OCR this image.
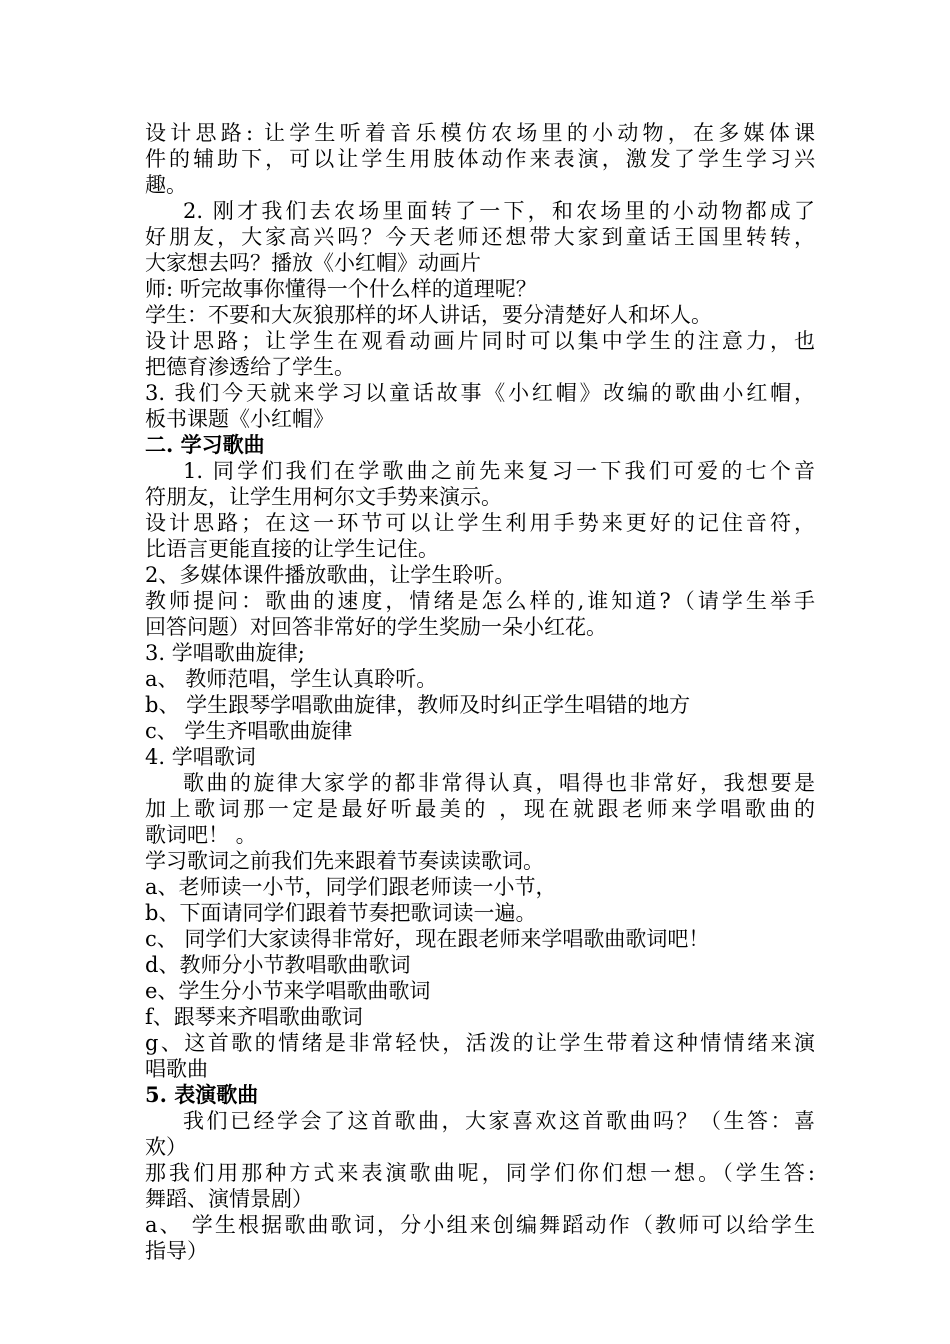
设计思路: 让学生听着音乐模仿农场里的小动物，在多媒体课
件的辅助下，可以让学生用肢体动作来表演，激发了学生学习兴
趣。
2. 刚才我们去农场里面转了一下，和农场里的小动物都成了
好朋友，大家高兴吗？今天老师还想带大家到童话王国里转转，
大家想去吗？播放《小红帽》动画片
师: 听完故事你懂得一个什么样的道理呢？
学生：不要和大灰狼那样的坏人讲话，要分清楚好人和坏人。
设计思路；让学生在观看动画片同时可以集中学生的注意力，也
把德育渗透给了学生。
3. 我们今天就来学习以童话故事《小红帽》改编的歌曲小红帽，
板书课题《小红帽》
二. 学习歌曲
1. 同学们我们在学歌曲之前先来复习一下我们可爱的七个音
符朋友，让学生用柯尔文手势来演示。
设计思路；在这一环节可以让学生利用手势来更好的记住音符，
比语言更能直接的让学生记住。
2、多媒体课件播放歌曲，让学生聆听。
教师提问：歌曲的速度，情绪是怎么样的,谁知道?（请学生举手
回答问题）对回答非常好的学生奖励一朵小红花。
3. 学唱歌曲旋律;
a、 教师范唱，学生认真聆听。
b、 学生跟琴学唱歌曲旋律，教师及时纠正学生唱错的地方
c、 学生齐唱歌曲旋律
4. 学唱歌词
歌曲的旋律大家学的都非常得认真，唱得也非常好，我想要是
加上歌词那一定是最好听最美的 ，现在就跟老师来学唱歌曲的
歌词吧！ 。
学习歌词之前我们先来跟着节奏读读歌词。
a、老师读一小节，同学们跟老师读一小节，
b、下面请同学们跟着节奏把歌词读一遍。
c、 同学们大家读得非常好，现在跟老师来学唱歌曲歌词吧！
d、教师分小节教唱歌曲歌词
e、学生分小节来学唱歌曲歌词
f、跟琴来齐唱歌曲歌词
g、这首歌的情绪是非常轻快，活泼的让学生带着这种情情绪来演
唱歌曲
5. 表演歌曲
我们已经学会了这首歌曲，大家喜欢这首歌曲吗？（生答：喜
欢）
那我们用那种方式来表演歌曲呢，同学们你们想一想。（学生答:
舞蹈、演情景剧）
a、 学生根据歌曲歌词，分小组来创编舞蹈动作（教师可以给学生
指导）
